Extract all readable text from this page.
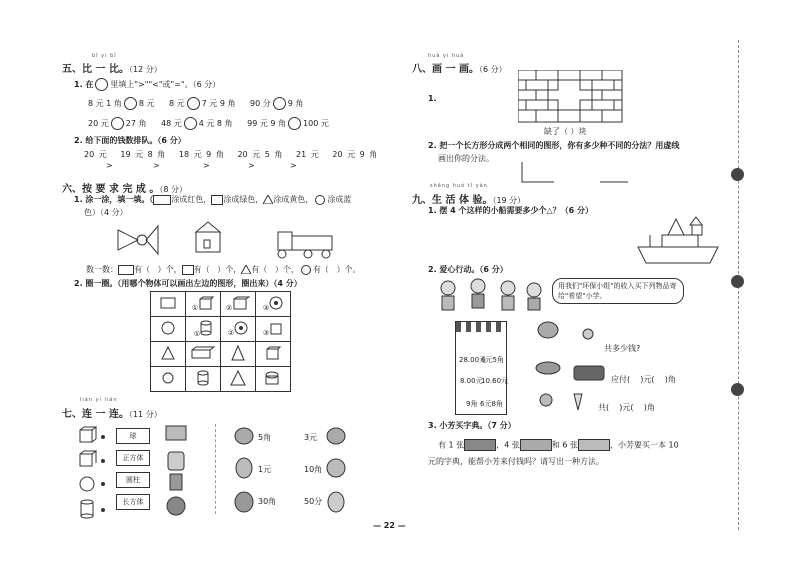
bǐ yi bǐ
五、比 一 比。（12 分）
1. 在 里填上">""<"或"="。（6 分）
8 元 1 角 8 元 8 元 7 元 9 角 90 分 9 角
20 元 27 角 48 元 4 元 8 角 99 元 9 角 100 元
2. 给下面的钱数排队。（6 分）
20 元 19 元 8 角 18 元 9 角 20 元 5 角 21 元 20 元 9 角
>	>	>	>	>
六、按 要 求 完 成 。（8 分）
1. 涂一涂，填一填。（ 涂成红色， 涂成绿色， 涂成黄色， 涂成蓝
色）（4 分）
数一数： 有（ ）个， 有（ ）个， 有（ ）个， 有（ ）个。
2. 圈一圈。（用哪个物体可以画出左边的图形，圈出来）（4 分）
	①	②	③
	①	②	③

lián yi lián
七、连 一 连。（11 分）
球
正方体
圆柱
长方体
5角
1元
30角
3元
10角
50分
— 22 —
huà yi huà
八、画 一 画。（6 分）
1.
缺了（ ）块
2. 把一个长方形分成两个相同的图形，你有多少种不同的分法？用虚线
画出你的分法。
shēng huó tǐ yàn
九、生 活 体 验。（19 分）
1. 摆 4 个这样的小船需要多少个△？（6 分）
2. 爱心行动。（6 分）
用我们"环保小组"的收入买下列物品寄给"希望"小学。
28.00元
6元5角
8.00元
10.60元
9角 6元8角
共多少钱?
应付( )元( )角
共( )元( )角
3. 小芳买字典。（7 分）
有 1 张	，4 张	和 6 张	，小芳要买一本 10
元的字典，能帮小芳来付钱吗？请写出一种方法。
